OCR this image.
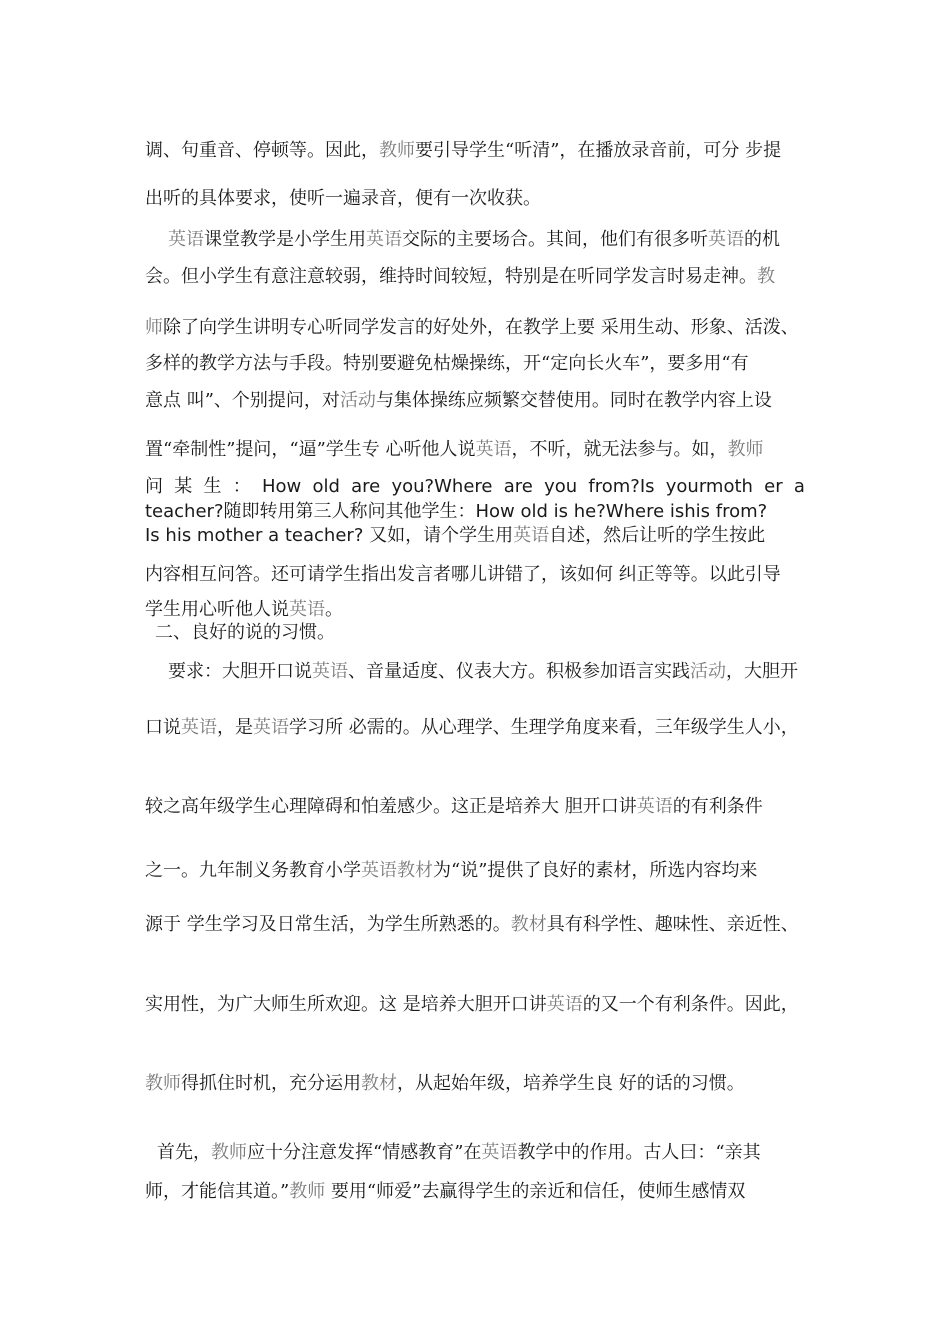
调、句重音、停顿等。因此，教师要引导学生“听清”，在播放录音前，可分 步提
出听的具体要求，使听一遍录音，便有一次收获。
英语课堂教学是小学生用英语交际的主要场合。其间，他们有很多听英语的机
会。但小学生有意注意较弱，维持时间较短，特别是在听同学发言时易走神。教
师除了向学生讲明专心听同学发言的好处外，在教学上要 采用生动、形象、活泼、
多样的教学方法与手段。特别要避免枯燥操练，开“定向长火车”，要多用“有
意点 叫”、个别提问，对活动与集体操练应频繁交替使用。同时在教学内容上设
置“牵制性”提问，“逼”学生专 心听他人说英语，不听，就无法参与。如，教师
问 某 生 ： How old are you?Where are you from?Is yourmoth er a
teacher?随即转用第三人称问其他学生：How old is he?Where ishis from?
Is his mother a teacher? 又如，请个学生用英语自述，然后让听的学生按此
内容相互问答。还可请学生指出发言者哪儿讲错了，该如何 纠正等等。以此引导
学生用心听他人说英语。
二、良好的说的习惯。
要求：大胆开口说英语、音量适度、仪表大方。积极参加语言实践活动，大胆开
口说英语，是英语学习所 必需的。从心理学、生理学角度来看，三年级学生人小，
较之高年级学生心理障碍和怕羞感少。这正是培养大 胆开口讲英语的有利条件
之一。九年制义务教育小学英语教材为“说”提供了良好的素材，所选内容均来
源于 学生学习及日常生活，为学生所熟悉的。教材具有科学性、趣味性、亲近性、
实用性，为广大师生所欢迎。这 是培养大胆开口讲英语的又一个有利条件。因此，
教师得抓住时机，充分运用教材，从起始年级，培养学生良 好的话的习惯。
首先，教师应十分注意发挥“情感教育”在英语教学中的作用。古人曰：“亲其
师，才能信其道。”教师 要用“师爱”去赢得学生的亲近和信任，使师生感情双
